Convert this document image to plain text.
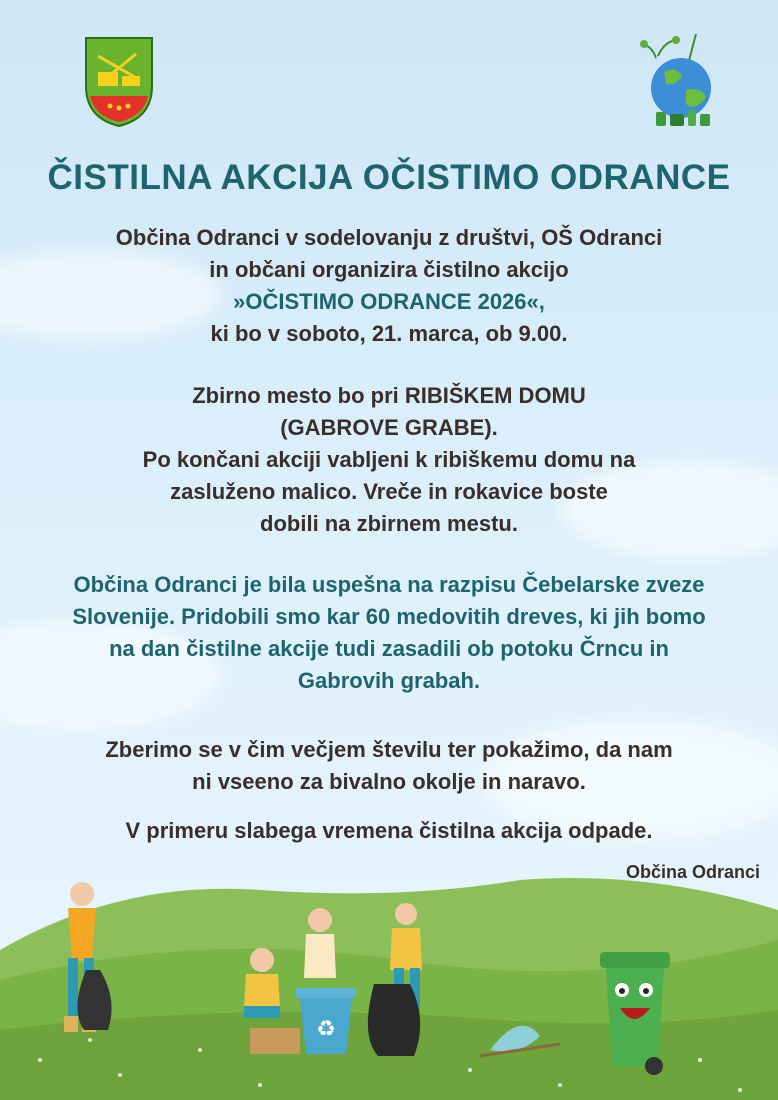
ČISTILNA AKCIJA OČISTIMO ODRANCE
Občina Odranci v sodelovanju z društvi, OŠ Odranci
in občani organizira čistilno akcijo
»OČISTIMO ODRANCE 2026«,
ki bo v soboto, 21. marca, ob 9.00.
Zbirno mesto bo pri RIBIŠKEM DOMU
(GABROVE GRABE).
Po končani akciji vabljeni k ribiškemu domu na
zasluženo malico. Vreče in rokavice boste
dobili na zbirnem mestu.
Občina Odranci je bila uspešna na razpisu Čebelarske zveze
Slovenije. Pridobili smo kar 60 medovitih dreves, ki jih bomo
na dan čistilne akcije tudi zasadili ob potoku Črncu in
Gabrovih grabah.
Zberimo se v čim večjem številu ter pokažimo, da nam
ni vseeno za bivalno okolje in naravo.
V primeru slabega vremena čistilna akcija odpade.
Občina Odranci
♻
